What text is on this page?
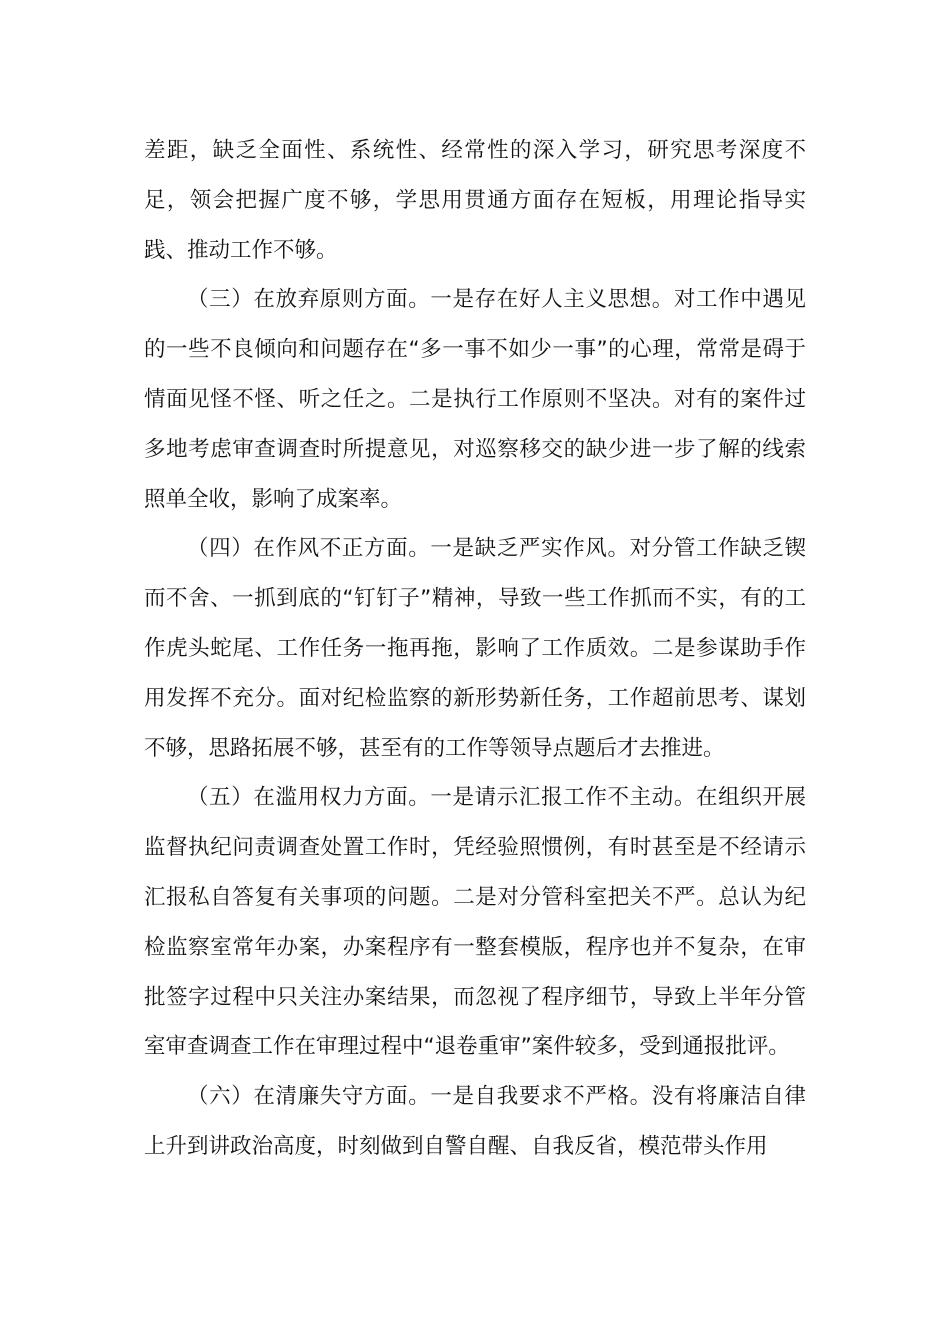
差距，缺乏全面性、系统性、经常性的深入学习，研究思考深度不足，领会把握广度不够，学思用贯通方面存在短板，用理论指导实践、推动工作不够。

（三）在放弃原则方面。一是存在好人主义思想。对工作中遇见的一些不良倾向和问题存在“多一事不如少一事”的心理，常常是碍于情面见怪不怪、听之任之。二是执行工作原则不坚决。对有的案件过多地考虑审查调查时所提意见，对巡察移交的缺少进一步了解的线索照单全收，影响了成案率。

（四）在作风不正方面。一是缺乏严实作风。对分管工作缺乏锲而不舍、一抓到底的“钉钉子”精神，导致一些工作抓而不实，有的工作虎头蛇尾、工作任务一拖再拖，影响了工作质效。二是参谋助手作用发挥不充分。面对纪检监察的新形势新任务，工作超前思考、谋划不够，思路拓展不够，甚至有的工作等领导点题后才去推进。

（五）在滥用权力方面。一是请示汇报工作不主动。在组织开展监督执纪问责调查处置工作时，凭经验照惯例，有时甚至是不经请示汇报私自答复有关事项的问题。二是对分管科室把关不严。总认为纪检监察室常年办案，办案程序有一整套模版，程序也并不复杂，在审批签字过程中只关注办案结果，而忽视了程序细节，导致上半年分管室审查调查工作在审理过程中“退卷重审”案件较多，受到通报批评。

（六）在清廉失守方面。一是自我要求不严格。没有将廉洁自律上升到讲政治高度，时刻做到自警自醒、自我反省，模范带头作用
